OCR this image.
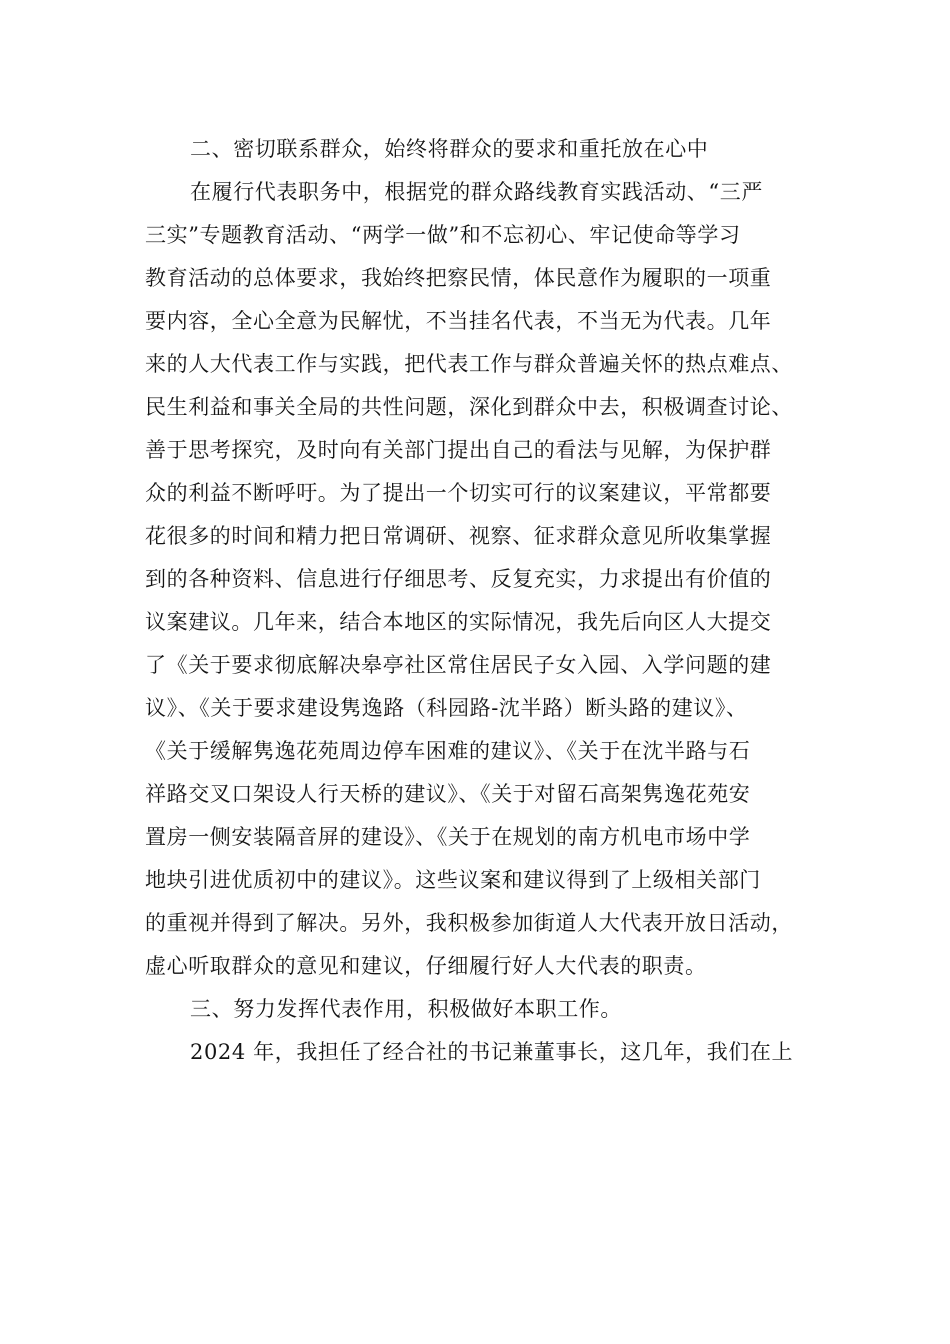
二、密切联系群众，始终将群众的要求和重托放在心中

在履行代表职务中，根据党的群众路线教育实践活动、“三严

三实”专题教育活动、“两学一做”和不忘初心、牢记使命等学习

教育活动的总体要求，我始终把察民情，体民意作为履职的一项重

要内容，全心全意为民解忧，不当挂名代表，不当无为代表。几年

来的人大代表工作与实践，把代表工作与群众普遍关怀的热点难点、

民生利益和事关全局的共性问题，深化到群众中去，积极调查讨论、

善于思考探究，及时向有关部门提出自己的看法与见解，为保护群

众的利益不断呼吁。为了提出一个切实可行的议案建议，平常都要

花很多的时间和精力把日常调研、视察、征求群众意见所收集掌握

到的各种资料、信息进行仔细思考、反复充实，力求提出有价值的

议案建议。几年来，结合本地区的实际情况，我先后向区人大提交

了《关于要求彻底解决皋亭社区常住居民子女入园、入学问题的建

议》、《关于要求建设隽逸路（科园路-沈半路）断头路的建议》、

《关于缓解隽逸花苑周边停车困难的建议》、《关于在沈半路与石

祥路交叉口架设人行天桥的建议》、《关于对留石高架隽逸花苑安

置房一侧安装隔音屏的建设》、《关于在规划的南方机电市场中学

地块引进优质初中的建议》。这些议案和建议得到了上级相关部门

的重视并得到了解决。另外，我积极参加街道人大代表开放日活动，

虚心听取群众的意见和建议，仔细履行好人大代表的职责。

三、努力发挥代表作用，积极做好本职工作。

2024 年，我担任了经合社的书记兼董事长，这几年，我们在上
